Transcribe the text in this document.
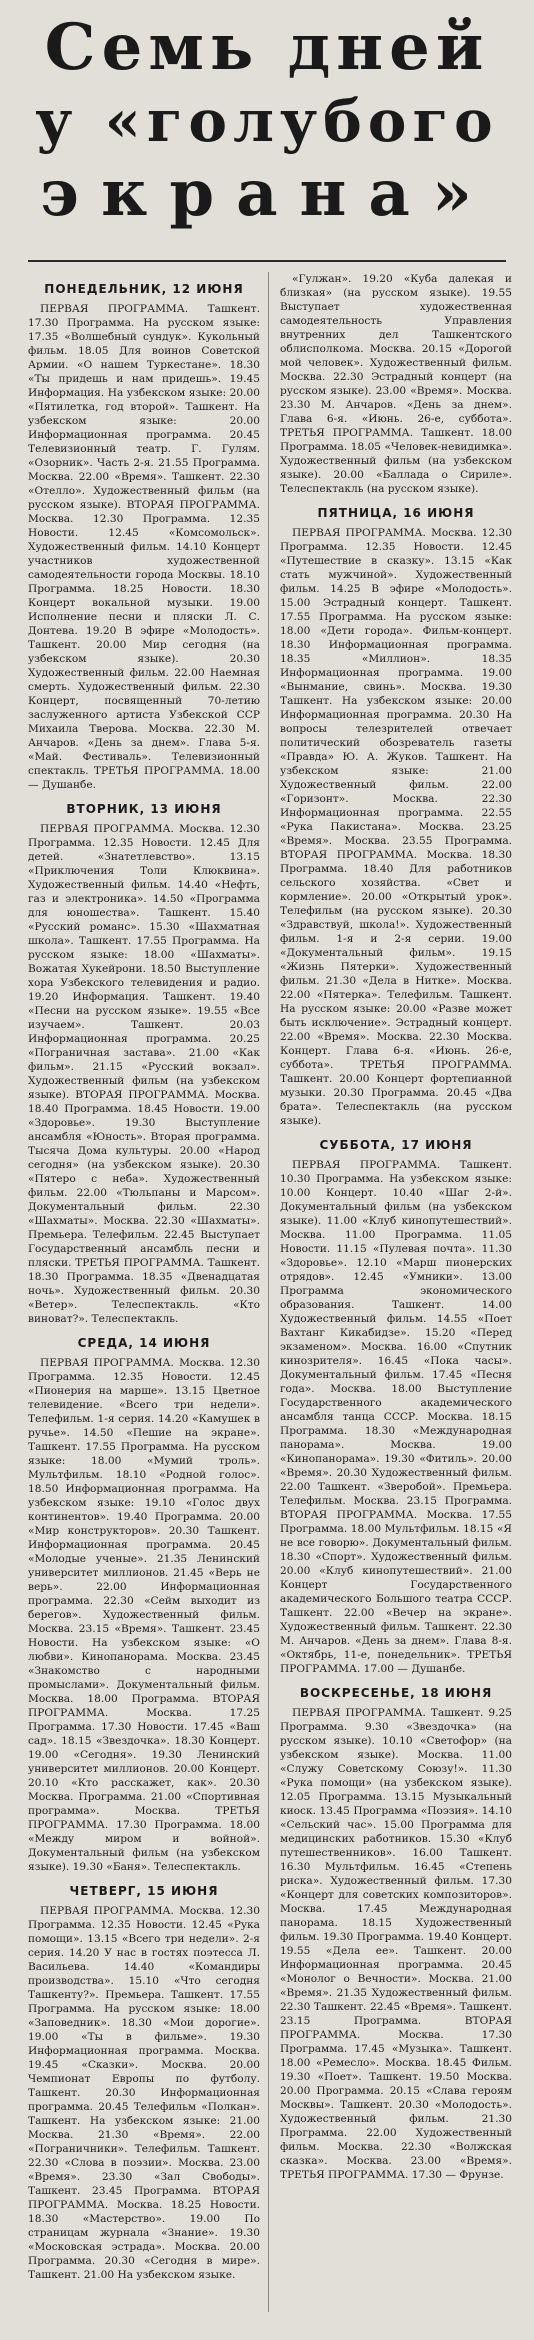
Семь дней
у «голубого
экрана»
ПОНЕДЕЛЬНИК, 12 ИЮНЯ

ПЕРВАЯ ПРОГРАММА. Ташкент. 17.30 Программа. На русском языке: 17.35 «Волшебный сундук». Кукольный фильм. 18.05 Для воинов Советской Армии. «О нашем Туркестане». 18.30 «Ты придешь и нам придешь». 19.45 Информация. На узбекском языке: 20.00 «Пятилетка, год второй». Ташкент. На узбекском языке: 20.00 Информационная программа. 20.45 Телевизионный театр. Г. Гулям. «Озорник». Часть 2-я. 21.55 Программа. Москва. 22.00 «Время». Ташкент. 22.30 «Отелло». Художественный фильм (на русском языке). ВТОРАЯ ПРОГРАММА. Москва. 12.30 Программа. 12.35 Новости. 12.45 «Комсомольск». Художественный фильм. 14.10 Концерт участников художественной самодеятельности города Москвы. 18.10 Программа. 18.25 Новости. 18.30 Концерт вокальной музыки. 19.00 Исполнение песни и пляски Л. С. Донтева. 19.20 В эфире «Молодость». Ташкент. 20.00 Мир сегодня (на узбекском языке). 20.30 Художественный фильм. 22.00 Наемная смерть. Художественный фильм. 22.30 Концерт, посвященный 70-летию заслуженного артиста Узбекской ССР Михаила Тверова. Москва. 22.30 М. Анчаров. «День за днем». Глава 5-я. «Май. Фестиваль». Телевизионный спектакль. ТРЕТЬЯ ПРОГРАММА. 18.00 — Душанбе.

ВТОРНИК, 13 ИЮНЯ

ПЕРВАЯ ПРОГРАММА. Москва. 12.30 Программа. 12.35 Новости. 12.45 Для детей. «Знатетлевство». 13.15 «Приключения Толи Клюквина». Художественный фильм. 14.40 «Нефть, газ и электроника». 14.50 «Программа для юношества». Ташкент. 15.40 «Русский романс». 15.30 «Шахматная школа». Ташкент. 17.55 Программа. На русском языке: 18.00 «Шахматы». Вожатая Хукейрони. 18.50 Выступление хора Узбекского телевидения и радио. 19.20 Информация. Ташкент. 19.40 «Песни на русском языке». 19.55 «Все изучаем». Ташкент. 20.03 Информационная программа. 20.25 «Пограничная застава». 21.00 «Как фильм». 21.15 «Русский вокзал». Художественный фильм (на узбекском языке). ВТОРАЯ ПРОГРАММА. Москва. 18.40 Программа. 18.45 Новости. 19.00 «Здоровье». 19.30 Выступление ансамбля «Юность». Вторая программа. Тысяча Дома культуры. 20.00 «Народ сегодня» (на узбекском языке). 20.30 «Пятеро с неба». Художественный фильм. 22.00 «Тюльпаны и Марсом». Документальный фильм. 22.30 «Шахматы». Москва. 22.30 «Шахматы». Премьера. Телефильм. 22.45 Выступает Государственный ансамбль песни и пляски. ТРЕТЬЯ ПРОГРАММА. Ташкент. 18.30 Программа. 18.35 «Двенадцатая ночь». Художественный фильм. 20.30 «Ветер». Телеспектакль. «Кто виноват?». Телеспектакль.

СРЕДА, 14 ИЮНЯ

ПЕРВАЯ ПРОГРАММА. Москва. 12.30 Программа. 12.35 Новости. 12.45 «Пионерия на марше». 13.15 Цветное телевидение. «Всего три недели». Телефильм. 1-я серия. 14.20 «Камушек в ручье». 14.50 «Пешие на экране». Ташкент. 17.55 Программа. На русском языке: 18.00 «Мумий троль». Мультфильм. 18.10 «Родной голос». 18.50 Информационная программа. На узбекском языке: 19.10 «Голос двух континентов». 19.40 Программа. 20.00 «Мир конструкторов». 20.30 Ташкент. Информационная программа. 20.45 «Молодые ученые». 21.35 Ленинский университет миллионов. 21.45 «Верь не верь». 22.00 Информационная программа. 22.30 «Сейм выходит из берегов». Художественный фильм. Москва. 23.15 «Время». Ташкент. 23.45 Новости. На узбекском языке: «О любви». Кинопанорама. Москва. 23.45 «Знакомство с народными промыслами». Документальный фильм. Москва. 18.00 Программа. ВТОРАЯ ПРОГРАММА. Москва. 17.25 Программа. 17.30 Новости. 17.45 «Ваш сад». 18.15 «Звездочка». 18.30 Концерт. 19.00 «Сегодня». 19.30 Ленинский университет миллионов. 20.00 Концерт. 20.10 «Кто расскажет, как». 20.30 Москва. Программа. 21.00 «Спортивная программа». Москва. ТРЕТЬЯ ПРОГРАММА. 17.30 Программа. 18.00 «Между миром и войной». Документальный фильм (на узбекском языке). 19.30 «Баня». Телеспектакль.

ЧЕТВЕРГ, 15 ИЮНЯ

ПЕРВАЯ ПРОГРАММА. Москва. 12.30 Программа. 12.35 Новости. 12.45 «Рука помощи». 13.15 «Всего три недели». 2-я серия. 14.20 У нас в гостях поэтесса Л. Васильева. 14.40 «Командиры производства». 15.10 «Что сегодня Ташкенту?». Премьера. Ташкент. 17.55 Программа. На русском языке: 18.00 «Заповедник». 18.30 «Мои дорогие». 19.00 «Ты в фильме». 19.30 Информационная программа. Москва. 19.45 «Сказки». Москва. 20.00 Чемпионат Европы по футболу. Ташкент. 20.30 Информационная программа. 20.45 Телефильм «Полкан». Ташкент. На узбекском языке: 21.00 Москва. 21.30 «Время». 22.00 «Пограничники». Телефильм. Ташкент. 22.30 «Слова в поэзии». Москва. 23.00 «Время». 23.30 «Зал Свободы». Ташкент. 23.45 Программа. ВТОРАЯ ПРОГРАММА. Москва. 18.25 Новости. 18.30 «Мастерство». 19.00 По страницам журнала «Знание». 19.30 «Московская эстрада». Москва. 20.00 Программа. 20.30 «Сегодня в мире». Ташкент. 21.00 На узбекском языке.

«Гулжан». 19.20 «Куба далекая и близкая» (на русском языке). 19.55 Выступает художественная самодеятельность Управления внутренних дел Ташкентского облисполкома. Москва. 20.15 «Дорогой мой человек». Художественный фильм. Москва. 22.30 Эстрадный концерт (на русском языке). 23.00 «Время». Москва. 23.30 М. Анчаров. «День за днем». Глава 6-я. «Июнь. 26-е, суббота». ТРЕТЬЯ ПРОГРАММА. Ташкент. 18.00 Программа. 18.05 «Человек-невидимка». Художественный фильм (на узбекском языке). 20.00 «Баллада о Сириле». Телеспектакль (на русском языке).

ПЯТНИЦА, 16 ИЮНЯ

ПЕРВАЯ ПРОГРАММА. Москва. 12.30 Программа. 12.35 Новости. 12.45 «Путешествие в сказку». 13.15 «Как стать мужчиной». Художественный фильм. 14.25 В эфире «Молодость». 15.00 Эстрадный концерт. Ташкент. 17.55 Программа. На русском языке: 18.00 «Дети города». Фильм-концерт. 18.30 Информационная программа. 18.35 «Миллион». 18.35 Информационная программа. 19.00 «Вынмание, свинь». Москва. 19.30 Ташкент. На узбекском языке: 20.00 Информационная программа. 20.30 На вопросы телезрителей отвечает политический обозреватель газеты «Правда» Ю. А. Жуков. Ташкент. На узбекском языке: 21.00 Художественный фильм. 22.00 «Горизонт». Москва. 22.30 Информационная программа. 22.55 «Рука Пакистана». Москва. 23.25 «Время». Москва. 23.55 Программа. ВТОРАЯ ПРОГРАММА. Москва. 18.30 Программа. 18.40 Для работников сельского хозяйства. «Свет и кормление». 20.00 «Открытый урок». Телефильм (на русском языке). 20.30 «Здравствуй, школа!». Художественный фильм. 1-я и 2-я серии. 19.00 «Документальный фильм». 19.15 «Жизнь Пятерки». Художественный фильм. 21.30 «Дела в Нитке». Москва. 22.00 «Пятерка». Телефильм. Ташкент. На русском языке: 20.00 «Разве может быть исключение». Эстрадный концерт. 22.00 «Время». Москва. 22.30 Москва. Концерт. Глава 6-я. «Июнь. 26-е, суббота». ТРЕТЬЯ ПРОГРАММА. Ташкент. 20.00 Концерт фортепианной музыки. 20.30 Программа. 20.45 «Два брата». Телеспектакль (на русском языке).

СУББОТА, 17 ИЮНЯ

ПЕРВАЯ ПРОГРАММА. Ташкент. 10.30 Программа. На узбекском языке: 10.00 Концерт. 10.40 «Шаг 2-й». Документальный фильм (на узбекском языке). 11.00 «Клуб кинопутешествий». Москва. 11.00 Программа. 11.05 Новости. 11.15 «Пулевая почта». 11.30 «Здоровье». 12.10 «Марш пионерских отрядов». 12.45 «Умники». 13.00 Программа экономического образования. Ташкент. 14.00 Художественный фильм. 14.55 «Поет Вахтанг Кикабидзе». 15.20 «Перед экзаменом». Москва. 16.00 «Спутник кинозрителя». 16.45 «Пока часы». Документальный фильм. 17.45 «Песня года». Москва. 18.00 Выступление Государственного академического ансамбля танца СССР. Москва. 18.15 Программа. 18.30 «Международная панорама». Москва. 19.00 «Кинопанорама». 19.30 «Фитиль». 20.00 «Время». 20.30 Художественный фильм. 22.00 Ташкент. «Зверобой». Премьера. Телефильм. Москва. 23.15 Программа. ВТОРАЯ ПРОГРАММА. Москва. 17.55 Программа. 18.00 Мультфильм. 18.15 «Я не все говорю». Документальный фильм. 18.30 «Спорт». Художественный фильм. 20.00 «Клуб кинопутешествий». 21.00 Концерт Государственного академического Большого театра СССР. Ташкент. 22.00 «Вечер на экране». Художественный фильм. Ташкент. 22.30 М. Анчаров. «День за днем». Глава 8-я. «Октябрь, 11-е, понедельник». ТРЕТЬЯ ПРОГРАММА. 17.00 — Душанбе.

ВОСКРЕСЕНЬЕ, 18 ИЮНЯ

ПЕРВАЯ ПРОГРАММА. Ташкент. 9.25 Программа. 9.30 «Звездочка» (на русском языке). 10.10 «Светофор» (на узбекском языке). Москва. 11.00 «Служу Советскому Союзу!». 11.30 «Рука помощи» (на узбекском языке). 12.05 Программа. 13.15 Музыкальный киоск. 13.45 Программа «Поэзия». 14.10 «Сельский час». 15.00 Программа для медицинских работников. 15.30 «Клуб путешественников». 16.00 Ташкент. 16.30 Мультфильм. 16.45 «Степень риска». Художественный фильм. 17.30 «Концерт для советских композиторов». Москва. 17.45 Международная панорама. 18.15 Художественный фильм. 19.30 Программа. 19.40 Концерт. 19.55 «Дела ее». Ташкент. 20.00 Информационная программа. 20.45 «Монолог о Вечности». Москва. 21.00 «Время». 21.35 Художественный фильм. 22.30 Ташкент. 22.45 «Время». Ташкент. 23.15 Программа. ВТОРАЯ ПРОГРАММА. Москва. 17.30 Программа. 17.45 «Музыка». Ташкент. 18.00 «Ремесло». Москва. 18.45 Фильм. 19.30 «Поет». Ташкент. 19.50 Москва. 20.00 Программа. 20.15 «Слава героям Москвы». Ташкент. 20.30 «Молодость». Художественный фильм. 21.30 Программа. 22.00 Художественный фильм. Москва. 22.30 «Волжская сказка». Москва. 23.00 «Время». ТРЕТЬЯ ПРОГРАММА. 17.30 — Фрунзе.
